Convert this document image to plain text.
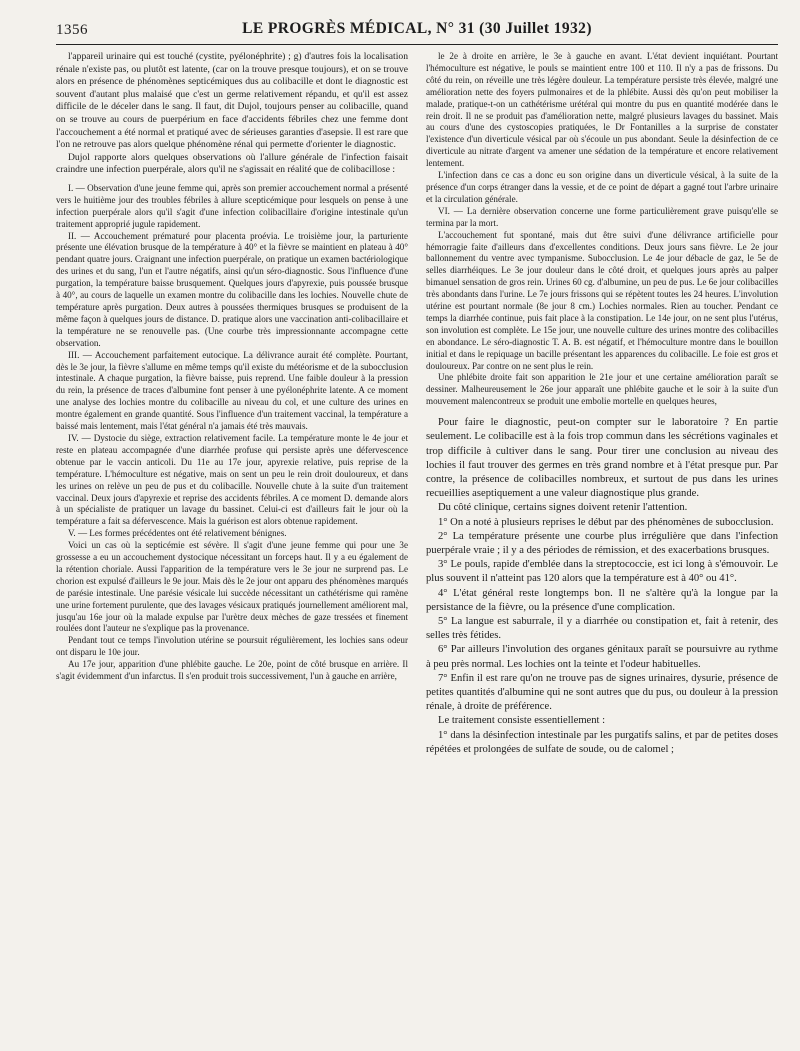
1356	LE PROGRÈS MÉDICAL, N° 31 (30 Juillet 1932)

l'appareil urinaire qui est touché (cystite, pyélonéphrite) ; g) d'autres fois la localisation rénale n'existe pas, ou plutôt est latente, (car on la trouve presque toujours), et on se trouve alors en présence de phénomènes septicémiques dus au colibacille et dont le diagnostic est souvent d'autant plus malaisé que c'est un germe relativement répandu, et qu'il est assez difficile de le déceler dans le sang. Il faut, dit Dujol, toujours penser au colibacille, quand on se trouve au cours de puerpérium en face d'accidents fébriles chez une femme dont l'accouchement a été normal et pratiqué avec de sérieuses garanties d'asepsie. Il est rare que l'on ne retrouve pas alors quelque phénomène rénal qui permette d'orienter le diagnostic.

Dujol rapporte alors quelques observations où l'allure générale de l'infection faisait craindre une infection puerpérale, alors qu'il ne s'agissait en réalité que de colibacillose :

I. — Observation d'une jeune femme qui, après son premier accouchement normal a présenté vers le huitième jour des troubles fébriles à allure scepticémique pour lesquels on pense à une infection puerpérale alors qu'il s'agit d'une infection colibacillaire d'origine intestinale qu'un traitement approprié jugule rapidement.

II. — Accouchement prématuré pour placenta proévia. Le troisième jour, la parturiente présente une élévation brusque de la température à 40° et la fièvre se maintient en plateau à 40° pendant quatre jours. Craignant une infection puerpérale, on pratique un examen bactériologique des urines et du sang, l'un et l'autre négatifs, ainsi qu'un séro-diagnostic. Sous l'influence d'une purgation, la température baisse brusquement. Quelques jours d'apyrexie, puis poussée brusque à 40°, au cours de laquelle un examen montre du colibacille dans les lochies. Nouvelle chute de température après purgation. Deux autres à poussées thermiques brusques se produisent de la même façon à quelques jours de distance. D. pratique alors une vaccination anti-colibacillaire et la température ne se renouvelle pas. (Une courbe très impressionnante accompagne cette observation.

III. — Accouchement parfaitement eutocique. La délivrance aurait été complète. Pourtant, dès le 3e jour, la fièvre s'allume en même temps qu'il existe du météorisme et de la subocclusion intestinale. A chaque purgation, la fièvre baisse, puis reprend. Une faible douleur à la pression du rein, la présence de traces d'albumine font penser à une pyélonéphrite latente. A ce moment une analyse des lochies montre du colibacille au niveau du col, et une culture des urines en montre également en grande quantité. Sous l'influence d'un traitement vaccinal, la température a baissé mais lentement, mais l'état général n'a jamais été très mauvais.

IV. — Dystocie du siège, extraction relativement facile. La température monte le 4e jour et reste en plateau accompagnée d'une diarrhée profuse qui persiste après une défervescence obtenue par le vaccin anticoli. Du 11e au 17e jour, apyrexie relative, puis reprise de la température. L'hémoculture est négative, mais on sent un peu le rein droit douloureux, et dans les urines on relève un peu de pus et du colibacille. Nouvelle chute à la suite d'un traitement vaccinal. Deux jours d'apyrexie et reprise des accidents fébriles. A ce moment D. demande alors à un spécialiste de pratiquer un lavage du bassinet. Celui-ci est d'ailleurs fait le jour où la température a fait sa défervescence. Mais la guérison est alors obtenue rapidement.

V. — Les formes précédentes ont été relativement bénignes.

Voici un cas où la septicémie est sévère. Il s'agit d'une jeune femme qui pour une 3e grossesse a eu un accouchement dystocique nécessitant un forceps haut. Il y a eu également de la rétention choriale. Aussi l'apparition de la température vers le 3e jour ne surprend pas. Le chorion est expulsé d'ailleurs le 9e jour. Mais dès le 2e jour ont apparu des phénomènes marqués de parésie intestinale. Une parésie vésicale lui succède nécessitant un cathétérisme qui ramène une urine fortement purulente, que des lavages vésicaux pratiqués journellement améliorent mal, jusqu'au 16e jour où la malade expulse par l'urètre deux mèches de gaze tressées et finement roulées dont l'auteur ne s'explique pas la provenance.

Pendant tout ce temps l'involution utérine se poursuit régulièrement, les lochies sans odeur ont disparu le 10e jour.

Au 17e jour, apparition d'une phlébite gauche. Le 20e, point de côté brusque en arrière. Il s'agit évidemment d'un infarctus. Il s'en produit trois successivement, l'un à gauche en arrière,

le 2e à droite en arrière, le 3e à gauche en avant. L'état devient inquiétant. Pourtant l'hémoculture est négative, le pouls se maintient entre 100 et 110. Il n'y a pas de frissons. Du côté du rein, on réveille une très légère douleur. La température persiste très élevée, malgré une amélioration nette des foyers pulmonaires et de la phlébite. Aussi dès qu'on peut mobiliser la malade, pratique-t-on un cathétérisme urétéral qui montre du pus en quantité modérée dans le rein droit. Il ne se produit pas d'amélioration nette, malgré plusieurs lavages du bassinet. Mais au cours d'une des cystoscopies pratiquées, le Dr Fontanilles a la surprise de constater l'existence d'un diverticule vésical par où s'écoule un pus abondant. Seule la désinfection de ce diverticule au nitrate d'argent va amener une sédation de la température et encore relativement lentement.

L'infection dans ce cas a donc eu son origine dans un diverticule vésical, à la suite de la présence d'un corps étranger dans la vessie, et de ce point de départ a gagné tout l'arbre urinaire et la circulation générale.

VI. — La dernière observation concerne une forme particulièrement grave puisqu'elle se termina par la mort.

L'accouchement fut spontané, mais dut être suivi d'une délivrance artificielle pour hémorragie faite d'ailleurs dans d'excellentes conditions. Deux jours sans fièvre. Le 2e jour ballonnement du ventre avec tympanisme. Subocclusion. Le 4e jour débacle de gaz, le 5e de selles diarrhéiques. Le 3e jour douleur dans le côté droit, et quelques jours après au palper bimanuel sensation de gros rein. Urines 60 cg. d'albumine, un peu de pus. Le 6e jour colibacilles très abondants dans l'urine. Le 7e jours frissons qui se répètent toutes les 24 heures. L'involution utérine est pourtant normale (8e jour 8 cm.) Lochies normales. Rien au toucher. Pendant ce temps la diarrhée continue, puis fait place à la constipation. Le 14e jour, on ne sent plus l'utérus, son involution est complète. Le 15e jour, une nouvelle culture des urines montre des colibacilles en abondance. Le séro-diagnostic T. A. B. est négatif, et l'hémoculture montre dans le bouillon initial et dans le repiquage un bacille présentant les apparences du colibacille. Le foie est gros et douloureux. Par contre on ne sent plus le rein.

Une phlébite droite fait son apparition le 21e jour et une certaine amélioration paraît se dessiner. Malheureusement le 26e jour apparaît une phlébite gauche et le soir à la suite d'un mouvement malencontreux se produit une embolie mortelle en quelques heures,

Pour faire le diagnostic, peut-on compter sur le laboratoire ? En partie seulement. Le colibacille est à la fois trop commun dans les sécrétions vaginales et trop difficile à cultiver dans le sang. Pour tirer une conclusion au niveau des lochies il faut trouver des germes en très grand nombre et à l'état presque pur. Par contre, la présence de colibacilles nombreux, et surtout de pus dans les urines recueillies aseptiquement a une valeur diagnostique plus grande.

Du côté clinique, certains signes doivent retenir l'attention.

1° On a noté à plusieurs reprises le début par des phénomènes de subocclusion.

2° La température présente une courbe plus irrégulière que dans l'infection puerpérale vraie ; il y a des périodes de rémission, et des exacerbations brusques.

3° Le pouls, rapide d'emblée dans la streptococcie, est ici long à s'émouvoir. Le plus souvent il n'atteint pas 120 alors que la température est à 40° ou 41°.

4° L'état général reste longtemps bon. Il ne s'altère qu'à la longue par la persistance de la fièvre, ou la présence d'une complication.

5° La langue est saburrale, il y a diarrhée ou constipation et, fait à retenir, des selles très fétides.

6° Par ailleurs l'involution des organes génitaux paraît se poursuivre au rythme à peu près normal. Les lochies ont la teinte et l'odeur habituelles.

7° Enfin il est rare qu'on ne trouve pas de signes urinaires, dysurie, présence de petites quantités d'albumine qui ne sont autres que du pus, ou douleur à la pression rénale, à droite de préférence.

Le traitement consiste essentiellement :

1° dans la désinfection intestinale par les purgatifs salins, et par de petites doses répétées et prolongées de sulfate de soude, ou de calomel ;
